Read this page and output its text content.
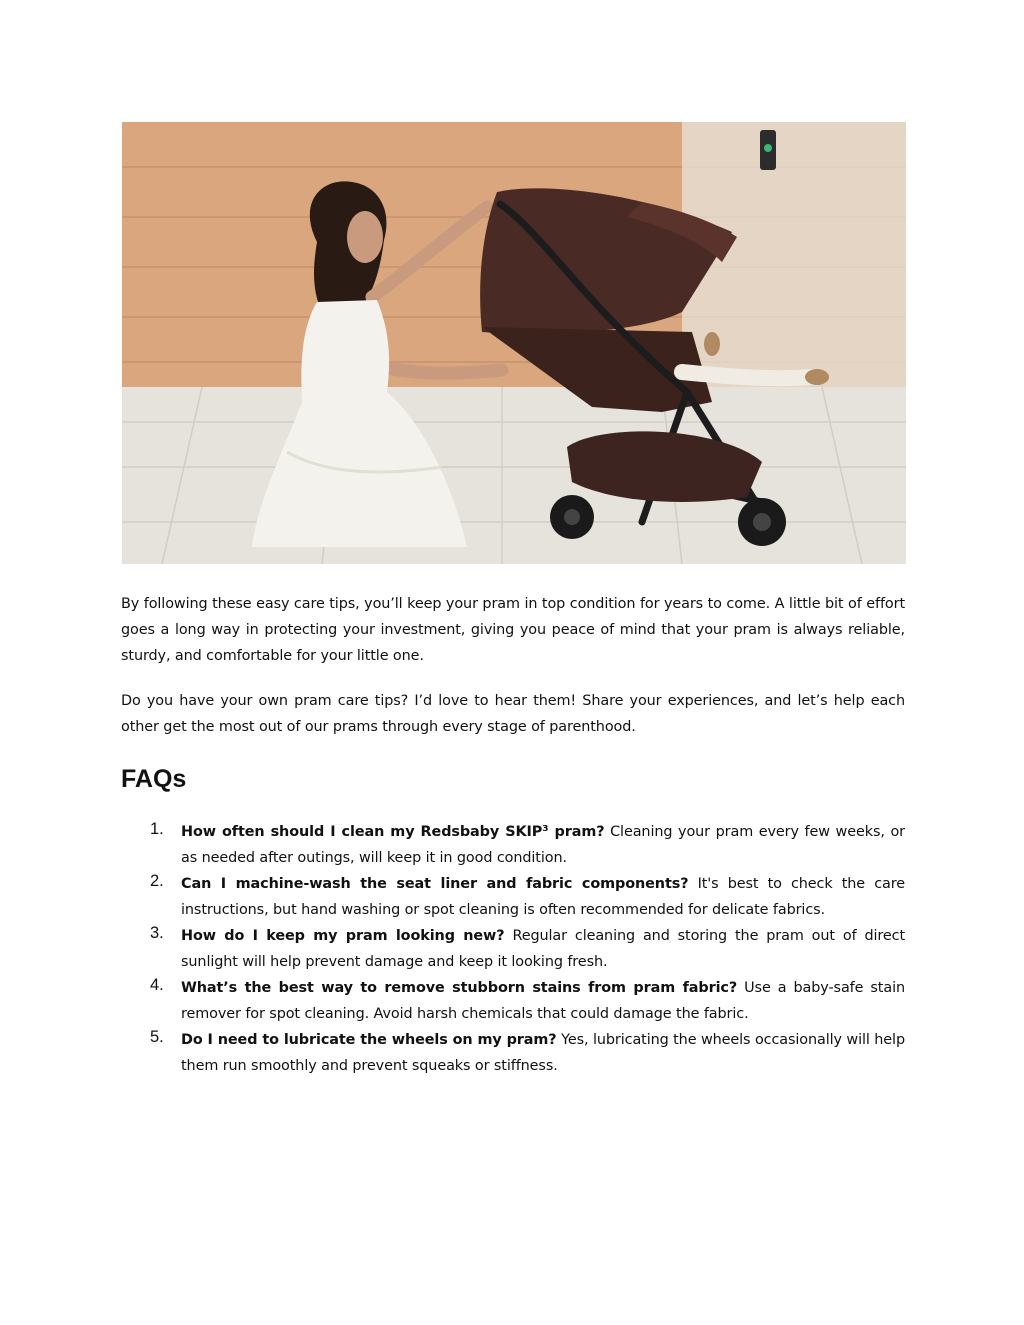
By following these easy care tips, you’ll keep your pram in top condition for years to come. A little bit of effort goes a long way in protecting your investment, giving you peace of mind that your pram is always reliable, sturdy, and comfortable for your little one.

Do you have your own pram care tips? I’d love to hear them! Share your experiences, and let’s help each other get the most out of our prams through every stage of parenthood.

FAQs
1. How often should I clean my Redsbaby SKIP³ pram? Cleaning your pram every few weeks, or as needed after outings, will keep it in good condition.
2. Can I machine-wash the seat liner and fabric components? It's best to check the care instructions, but hand washing or spot cleaning is often recommended for delicate fabrics.
3. How do I keep my pram looking new? Regular cleaning and storing the pram out of direct sunlight will help prevent damage and keep it looking fresh.
4. What’s the best way to remove stubborn stains from pram fabric? Use a baby-safe stain remover for spot cleaning. Avoid harsh chemicals that could damage the fabric.
5. Do I need to lubricate the wheels on my pram? Yes, lubricating the wheels occasionally will help them run smoothly and prevent squeaks or stiffness.
